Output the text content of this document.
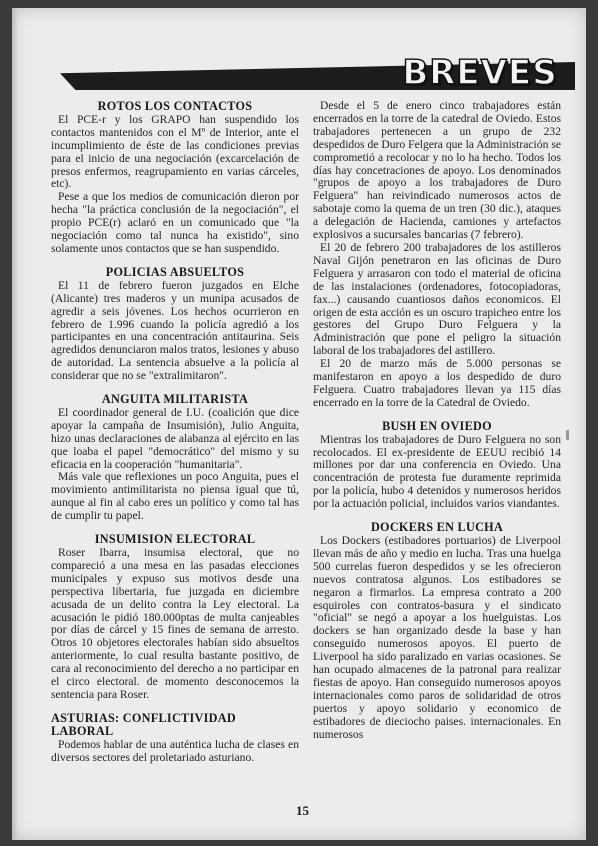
BREVES
ROTOS LOS CONTACTOS

El PCE-r y los GRAPO han suspendido los contactos mantenidos con el Mº de Interior, ante el incumplimiento de éste de las condiciones previas para el inicio de una negociación (excarcelación de presos enfermos, reagrupamiento en varias cárceles, etc).

Pese a que los medios de comunicación dieron por hecha "la práctica conclusión de la negociación", el propio PCE(r) aclaró en un comunicado que "la negociación como tal nunca ha existido", sino solamente unos contactos que se han suspendido.

POLICIAS ABSUELTOS

El 11 de febrero fueron juzgados en Elche (Alicante) tres maderos y un munipa acusados de agredir a seis jóvenes. Los hechos ocurrieron en febrero de 1.996 cuando la policía agredió a los participantes en una concentración antitaurina. Seis agredidos denunciaron malos tratos, lesiones y abuso de autoridad. La sentencia absuelve a la policía al considerar que no se "extralimitaron".

ANGUITA MILITARISTA

El coordinador general de I.U. (coalición que dice apoyar la campaña de Insumisión), Julio Anguita, hizo unas declaraciones de alabanza al ejército en las que loaba el papel "democrático" del mismo y su eficacia en la cooperación "humanitaria".

Más vale que reflexiones un poco Anguita, pues el movimiento antimilitarista no piensa igual que tú, aunque al fin al cabo eres un político y como tal has de cumplir tu papel.

INSUMISION ELECTORAL

Roser Ibarra, insumisa electoral, que no compareció a una mesa en las pasadas elecciones municipales y expuso sus motivos desde una perspectiva libertaria, fue juzgada en diciembre acusada de un delito contra la Ley electoral. La acusación le pidió 180.000ptas de multa canjeables por días de cárcel y 15 fines de semana de arresto. Otros 10 objetores electorales habían sido absueltos anteriormente, lo cual resulta bastante positivo, de cara al reconocimiento del derecho a no participar en el circo electoral. de momento desconocemos la sentencia para Roser.

ASTURIAS: CONFLICTIVIDAD LABORAL

Podemos hablar de una auténtica lucha de clases en diversos sectores del proletariado asturiano.

Desde el 5 de enero cinco trabajadores están encerrados en la torre de la catedral de Oviedo. Estos trabajadores pertenecen a un grupo de 232 despedidos de Duro Felgera que la Administración se comprometió a recolocar y no lo ha hecho. Todos los días hay concetraciones de apoyo. Los denominados "grupos de apoyo a los trabajadores de Duro Felguera" han reivindicado numerosos actos de sabotaje como la quema de un tren (30 dic.), ataques a delegación de Hacienda, camiones y artefactos explosivos a sucursales bancarias (7 febrero).

El 20 de febrero 200 trabajadores de los astilleros Naval Gijón penetraron en las oficinas de Duro Felguera y arrasaron con todo el material de oficina de las instalaciones (ordenadores, fotocopiadoras, fax...) causando cuantiosos daños economicos. El origen de esta acción es un oscuro trapicheo entre los gestores del Grupo Duro Felguera y la Administración que pone el peligro la situación laboral de los trabajadores del astillero.

El 20 de marzo más de 5.000 personas se manifestaron en apoyo a los despedido de duro Felguera. Cuatro trabajadores llevan ya 115 días encerrado en la torre de la Catedral de Oviedo.

BUSH EN OVIEDO

Mientras los trabajadores de Duro Felguera no son recolocados. El ex-presidente de EEUU recibió 14 millones por dar una conferencia en Oviedo. Una concentración de protesta fue duramente reprimida por la policía, hubo 4 detenidos y numerosos heridos por la actuación policial, incluidos varios viandantes.

DOCKERS EN LUCHA

Los Dockers (estibadores portuarios) de Liverpool llevan más de año y medio en lucha. Tras una huelga 500 currelas fueron despedidos y se les ofrecieron nuevos contratosa algunos. Los estibadores se negaron a firmarlos. La empresa contrato a 200 esquiroles con contratos-basura y el sindicato "oficial" se negó a apoyar a los huelguistas. Los dockers se han organizado desde la base y han conseguido numerosos apoyos. El puerto de Liverpool ha sido paralizado en varias ocasiones. Se han ocupado almacenes de la patronal para realizar fiestas de apoyo. Han conseguido numerosos apoyos internacionales como paros de solidaridad de otros puertos y apoyo solidario y economico de estibadores de dieciocho paises. internacionales. En numerosos

15
